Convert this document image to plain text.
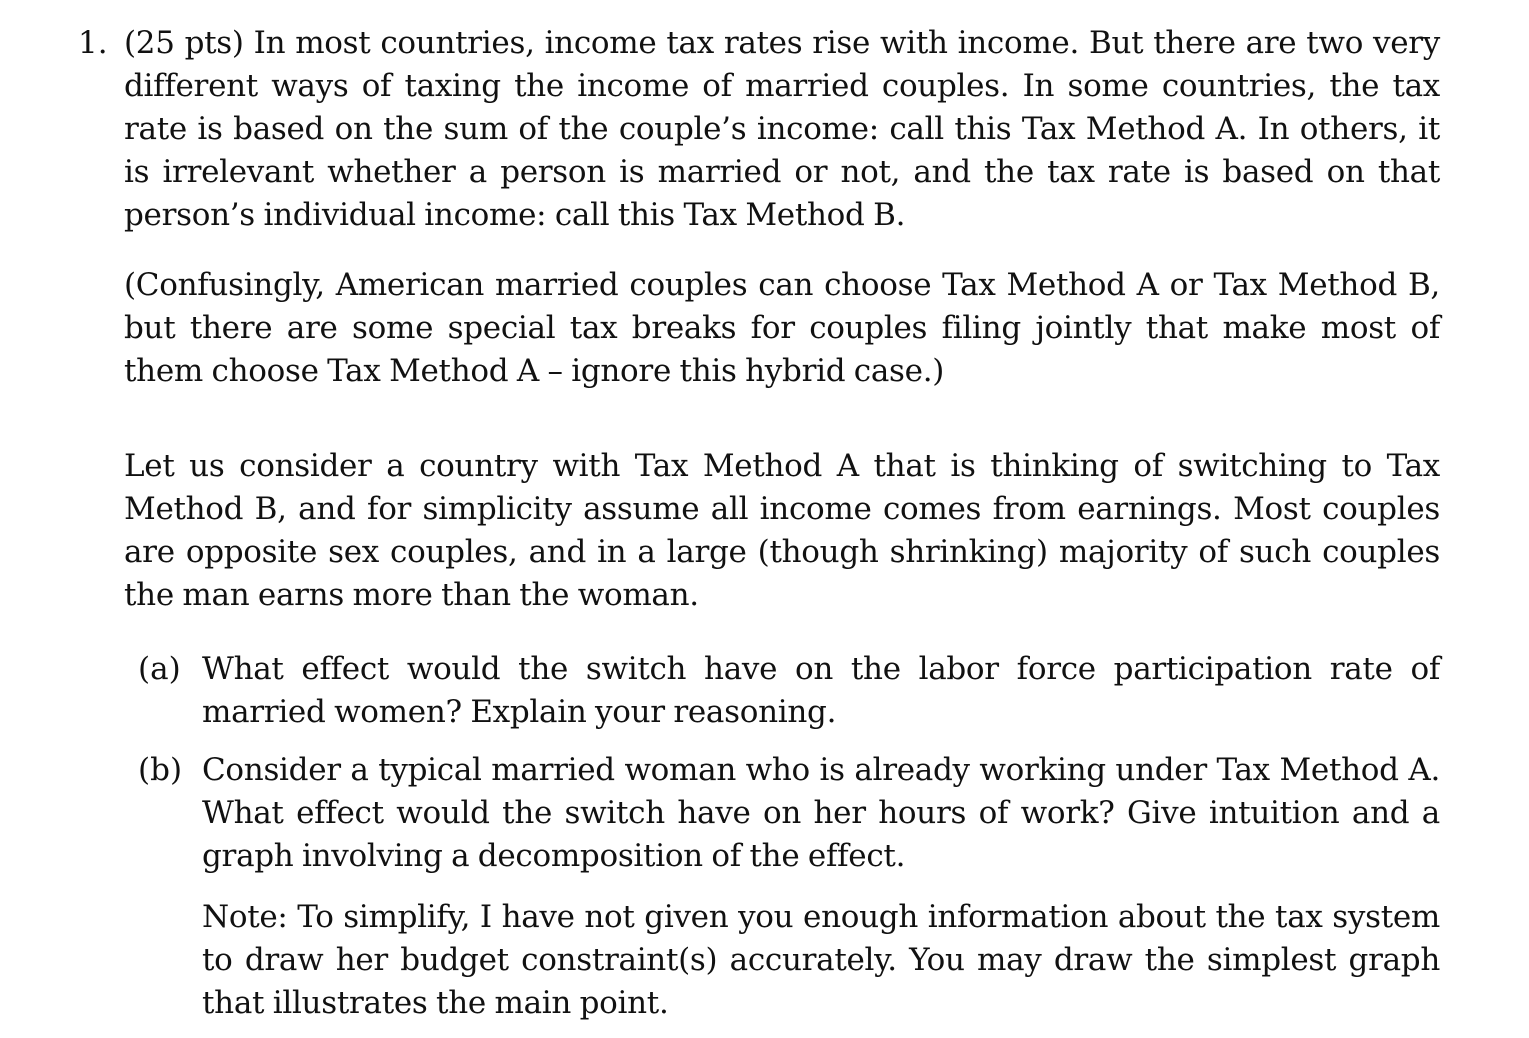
1. (25 pts) In most countries, income tax rates rise with income. But there are two very different ways of taxing the income of married couples. In some countries, the tax rate is based on the sum of the couple’s income: call this Tax Method A. In others, it is irrelevant whether a person is married or not, and the tax rate is based on that person’s individual income: call this Tax Method B.
(Confusingly, American married couples can choose Tax Method A or Tax Method B, but there are some special tax breaks for couples filing jointly that make most of them choose Tax Method A – ignore this hybrid case.)
Let us consider a country with Tax Method A that is thinking of switching to Tax Method B, and for simplicity assume all income comes from earnings. Most couples are opposite sex couples, and in a large (though shrinking) majority of such couples the man earns more than the woman.
(a) What effect would the switch have on the labor force participation rate of married women? Explain your reasoning.
(b) Consider a typical married woman who is already working under Tax Method A. What effect would the switch have on her hours of work? Give intuition and a graph involving a decomposition of the effect.
Note: To simplify, I have not given you enough information about the tax system to draw her budget constraint(s) accurately. You may draw the simplest graph that illustrates the main point.
